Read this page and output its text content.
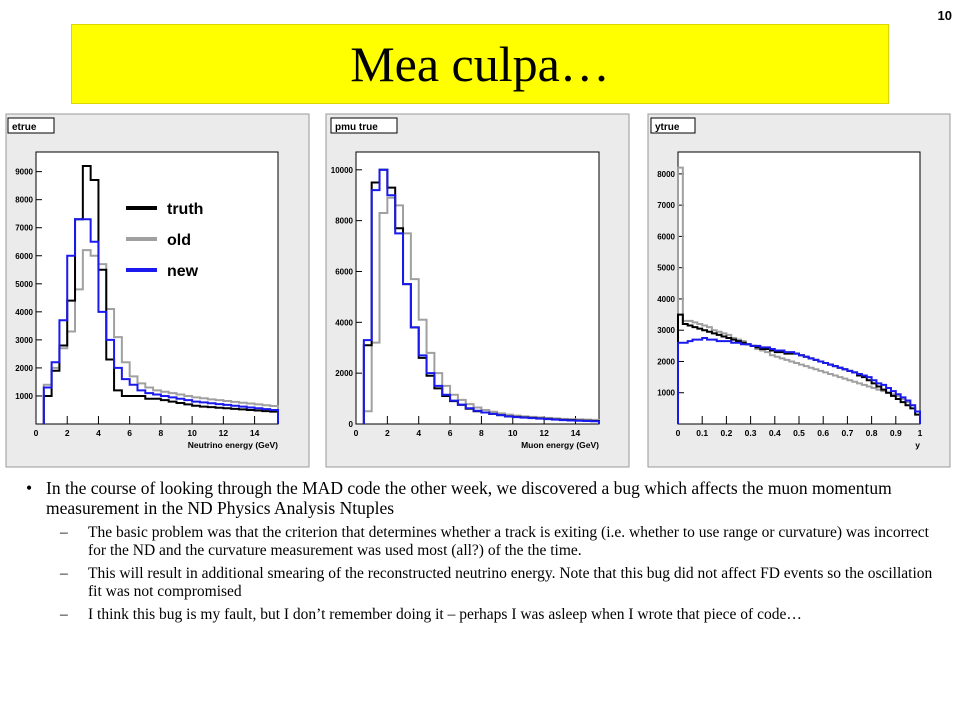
10
Mea culpa…
etrue
1000
2000
3000
4000
5000
6000
7000
8000
9000
0	2	4	6	8	10	12	14
Neutrino energy (GeV)
pmu true
0
2000
4000
6000
8000
10000
0	2	4	6	8	10	12	14
Muon energy (GeV)
ytrue
1000
2000
3000
4000
5000
6000
7000
8000
0 0.1 0.2 0.3 0.4 0.5 0.6 0.7 0.8 0.9 1
y
truth
old
new
• In the course of looking through the MAD code the other week, we discovered a bug which affects the muon momentum measurement in the ND Physics Analysis Ntuples
– The basic problem was that the criterion that determines whether a track is exiting (i.e. whether to use range or curvature) was incorrect for the ND and the curvature measurement was used most (all?) of the the time.
– This will result in additional smearing of the reconstructed neutrino energy. Note that this bug did not affect FD events so the oscillation fit was not compromised
– I think this bug is my fault, but I don’t remember doing it – perhaps I was asleep when I wrote that piece of code…
